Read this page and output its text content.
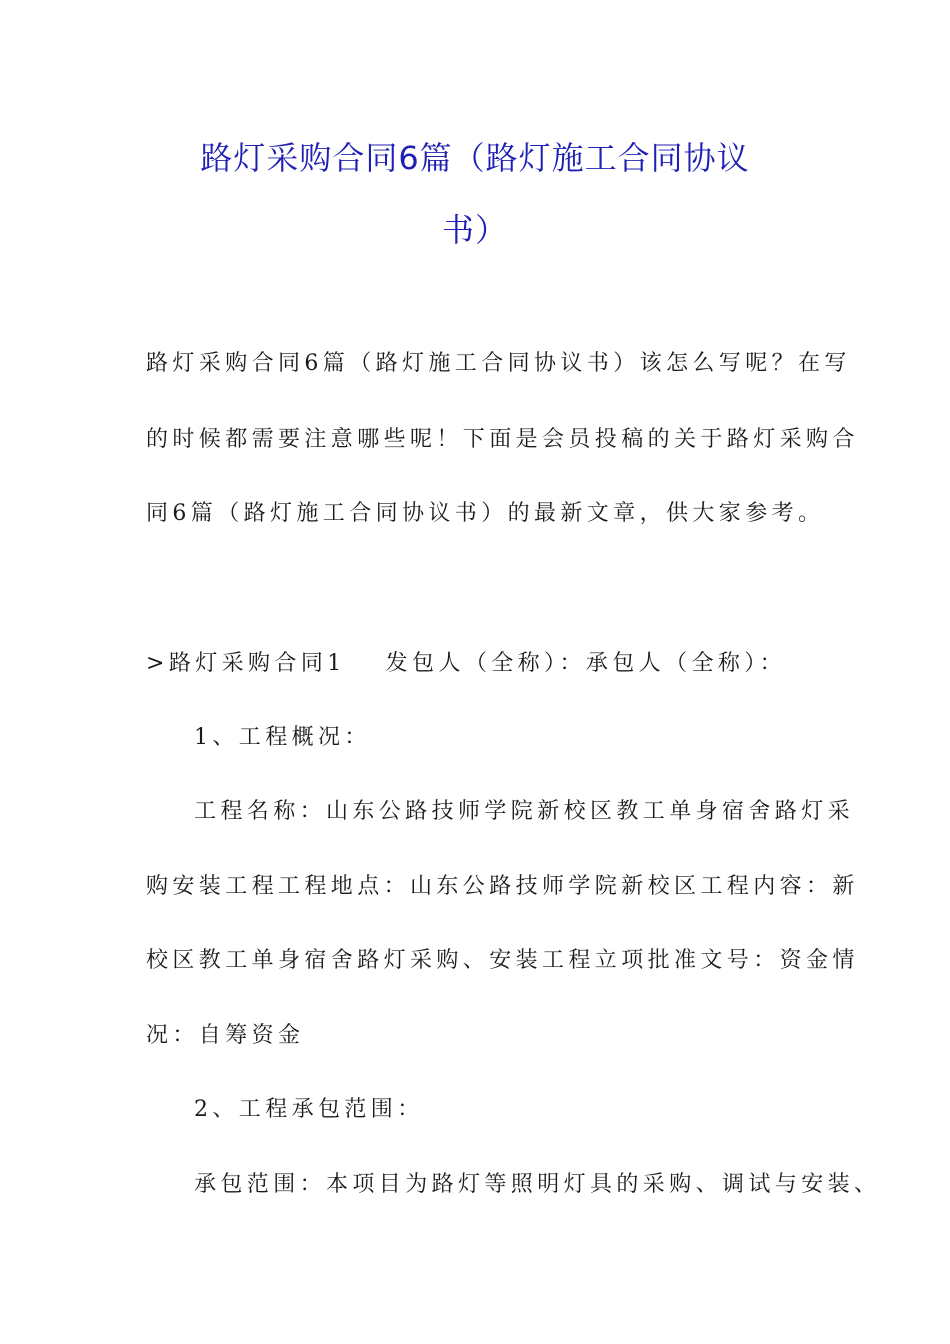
路灯采购合同6篇（路灯施工合同协议
书）

路灯采购合同6篇（路灯施工合同协议书）该怎么写呢？在写

的时候都需要注意哪些呢！下面是会员投稿的关于路灯采购合

同6篇（路灯施工合同协议书）的最新文章，供大家参考。

>路灯采购合同1 发包人（全称）：承包人（全称）：

1、工程概况：

工程名称：山东公路技师学院新校区教工单身宿舍路灯采

购安装工程工程地点：山东公路技师学院新校区工程内容：新

校区教工单身宿舍路灯采购、安装工程立项批准文号：资金情

况：自筹资金

2、工程承包范围：

承包范围：本项目为路灯等照明灯具的采购、调试与安装、
